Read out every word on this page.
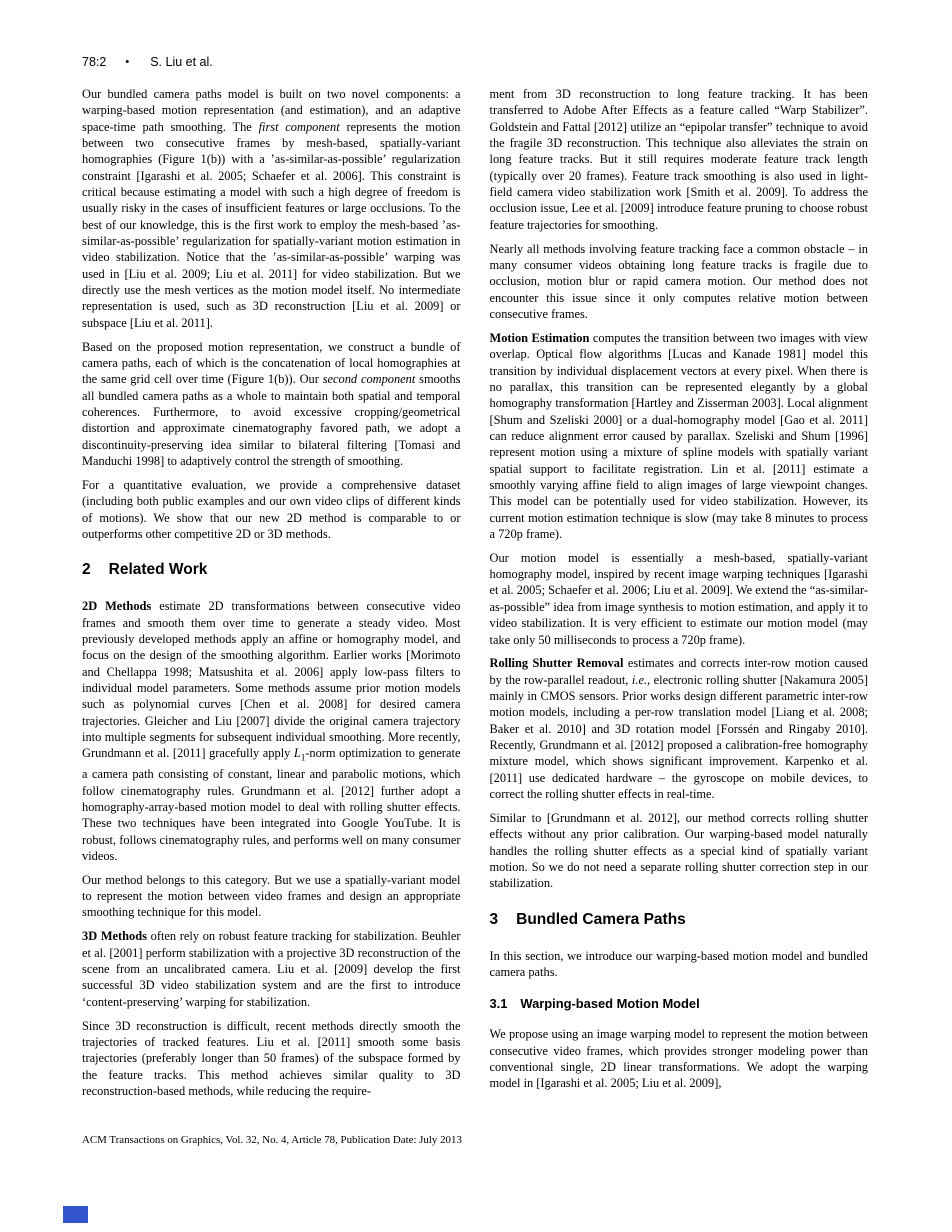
78:2 • S. Liu et al.

Our bundled camera paths model is built on two novel components: a warping-based motion representation (and estimation), and an adaptive space-time path smoothing. The first component represents the motion between two consecutive frames by mesh-based, spatially-variant homographies (Figure 1(b)) with a ’as-similar-as-possible’ regularization constraint [Igarashi et al. 2005; Schaefer et al. 2006]. This constraint is critical because estimating a model with such a high degree of freedom is usually risky in the cases of insufficient features or large occlusions. To the best of our knowledge, this is the first work to employ the mesh-based ’as-similar-as-possible’ regularization for spatially-variant motion estimation in video stabilization. Notice that the ’as-similar-as-possible’ warping was used in [Liu et al. 2009; Liu et al. 2011] for video stabilization. But we directly use the mesh vertices as the motion model itself. No intermediate representation is used, such as 3D reconstruction [Liu et al. 2009] or subspace [Liu et al. 2011].

Based on the proposed motion representation, we construct a bundle of camera paths, each of which is the concatenation of local homographies at the same grid cell over time (Figure 1(b)). Our second component smooths all bundled camera paths as a whole to maintain both spatial and temporal coherences. Furthermore, to avoid excessive cropping/geometrical distortion and approximate cinematography favored path, we adopt a discontinuity-preserving idea similar to bilateral filtering [Tomasi and Manduchi 1998] to adaptively control the strength of smoothing.

For a quantitative evaluation, we provide a comprehensive dataset (including both public examples and our own video clips of different kinds of motions). We show that our new 2D method is comparable to or outperforms other competitive 2D or 3D methods.

2 Related Work

2D Methods estimate 2D transformations between consecutive video frames and smooth them over time to generate a steady video. Most previously developed methods apply an affine or homography model, and focus on the design of the smoothing algorithm. Earlier works [Morimoto and Chellappa 1998; Matsushita et al. 2006] apply low-pass filters to individual model parameters. Some methods assume prior motion models such as polynomial curves [Chen et al. 2008] for desired camera trajectories. Gleicher and Liu [2007] divide the original camera trajectory into multiple segments for subsequent individual smoothing. More recently, Grundmann et al. [2011] gracefully apply $L_1$-norm optimization to generate a camera path consisting of constant, linear and parabolic motions, which follow cinematography rules. Grundmann et al. [2012] further adopt a homography-array-based motion model to deal with rolling shutter effects. These two techniques have been integrated into Google YouTube. It is robust, follows cinematography rules, and performs well on many consumer videos.

Our method belongs to this category. But we use a spatially-variant model to represent the motion between video frames and design an appropriate smoothing technique for this model.

3D Methods often rely on robust feature tracking for stabilization. Beuhler et al. [2001] perform stabilization with a projective 3D reconstruction of the scene from an uncalibrated camera. Liu et al. [2009] develop the first successful 3D video stabilization system and are the first to introduce ‘content-preserving’ warping for stabilization.

Since 3D reconstruction is difficult, recent methods directly smooth the trajectories of tracked features. Liu et al. [2011] smooth some basis trajectories (preferably longer than 50 frames) of the subspace formed by the feature tracks. This method achieves similar quality to 3D reconstruction-based methods, while reducing the require-

ment from 3D reconstruction to long feature tracking. It has been transferred to Adobe After Effects as a feature called “Warp Stabilizer”. Goldstein and Fattal [2012] utilize an “epipolar transfer” technique to avoid the fragile 3D reconstruction. This technique also alleviates the strain on long feature tracks. But it still requires moderate feature track length (typically over 20 frames). Feature track smoothing is also used in light-field camera video stabilization work [Smith et al. 2009]. To address the occlusion issue, Lee et al. [2009] introduce feature pruning to choose robust feature trajectories for smoothing.

Nearly all methods involving feature tracking face a common obstacle – in many consumer videos obtaining long feature tracks is fragile due to occlusion, motion blur or rapid camera motion. Our method does not encounter this issue since it only computes relative motion between consecutive frames.

Motion Estimation computes the transition between two images with view overlap. Optical flow algorithms [Lucas and Kanade 1981] model this transition by individual displacement vectors at every pixel. When there is no parallax, this transition can be represented elegantly by a global homography transformation [Hartley and Zisserman 2003]. Local alignment [Shum and Szeliski 2000] or a dual-homography model [Gao et al. 2011] can reduce alignment error caused by parallax. Szeliski and Shum [1996] represent motion using a mixture of spline models with spatially variant spatial support to facilitate registration. Lin et al. [2011] estimate a smoothly varying affine field to align images of large viewpoint changes. This model can be potentially used for video stabilization. However, its current motion estimation technique is slow (may take 8 minutes to process a 720p frame).

Our motion model is essentially a mesh-based, spatially-variant homography model, inspired by recent image warping techniques [Igarashi et al. 2005; Schaefer et al. 2006; Liu et al. 2009]. We extend the “as-similar-as-possible” idea from image synthesis to motion estimation, and apply it to video stabilization. It is very efficient to estimate our motion model (may take only 50 milliseconds to process a 720p frame).

Rolling Shutter Removal estimates and corrects inter-row motion caused by the row-parallel readout, i.e., electronic rolling shutter [Nakamura 2005] mainly in CMOS sensors. Prior works design different parametric inter-row motion models, including a per-row translation model [Liang et al. 2008; Baker et al. 2010] and 3D rotation model [Forssén and Ringaby 2010]. Recently, Grundmann et al. [2012] proposed a calibration-free homography mixture model, which shows significant improvement. Karpenko et al. [2011] use dedicated hardware – the gyroscope on mobile devices, to correct the rolling shutter effects in real-time.

Similar to [Grundmann et al. 2012], our method corrects rolling shutter effects without any prior calibration. Our warping-based model naturally handles the rolling shutter effects as a special kind of spatially variant motion. So we do not need a separate rolling shutter correction step in our stabilization.

3 Bundled Camera Paths

In this section, we introduce our warping-based motion model and bundled camera paths.

3.1 Warping-based Motion Model

We propose using an image warping model to represent the motion between consecutive video frames, which provides stronger modeling power than conventional single, 2D linear transformations. We adopt the warping model in [Igarashi et al. 2005; Liu et al. 2009],

ACM Transactions on Graphics, Vol. 32, No. 4, Article 78, Publication Date: July 2013
